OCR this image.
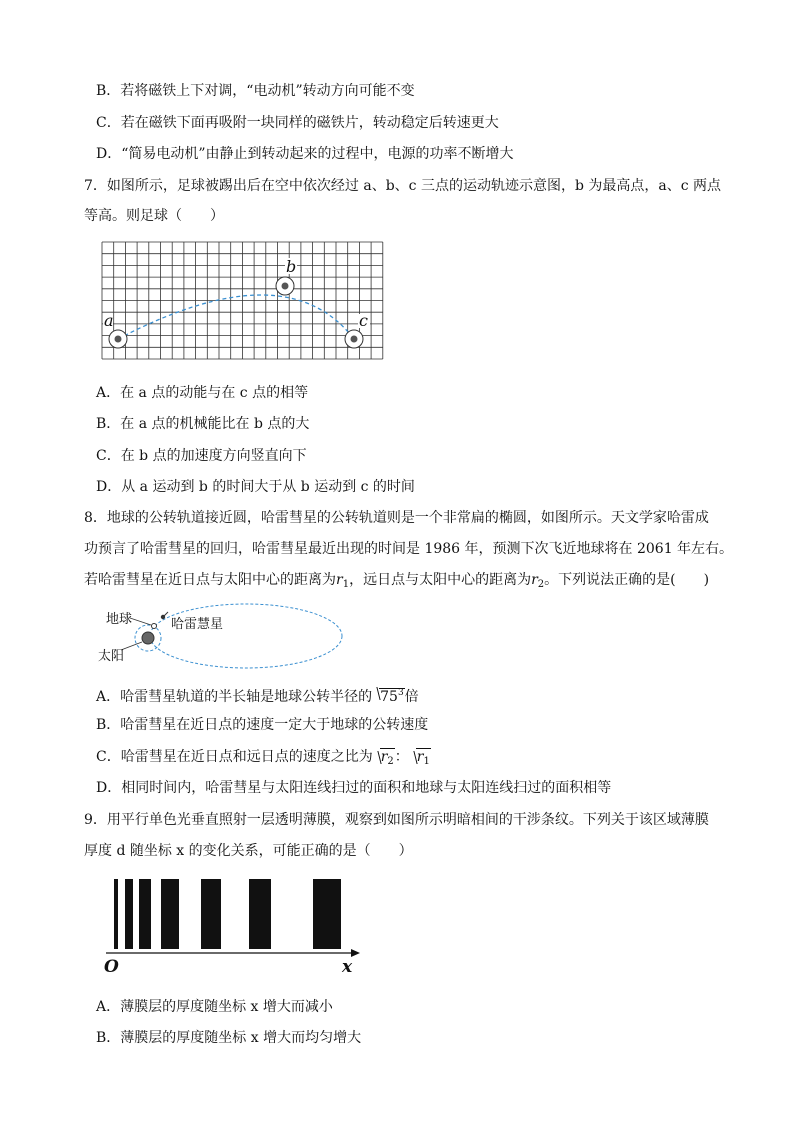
B．若将磁铁上下对调，“电动机”转动方向可能不变
C．若在磁铁下面再吸附一块同样的磁铁片，转动稳定后转速更大
D．“简易电动机”由静止到转动起来的过程中，电源的功率不断增大
7．如图所示，足球被踢出后在空中依次经过 a、b、c 三点的运动轨迹示意图，b 为最高点，a、c 两点
等高。则足球（　　）
a
b
c
A．在 a 点的动能与在 c 点的相等
B．在 a 点的机械能比在 b 点的大
C．在 b 点的加速度方向竖直向下
D．从 a 运动到 b 的时间大于从 b 运动到 c 的时间
8．地球的公转轨道接近圆，哈雷彗星的公转轨道则是一个非常扁的椭圆，如图所示。天文学家哈雷成
功预言了哈雷彗星的回归，哈雷彗星最近出现的时间是 1986 年，预测下次飞近地球将在 2061 年左右。
若哈雷彗星在近日点与太阳中心的距离为$r_1$，远日点与太阳中心的距离为$r_2$。下列说法正确的是(　　)
地球	哈雷慧星
太阳
A．哈雷彗星轨道的半长轴是地球公转半径的 $75^3$倍
B．哈雷彗星在近日点的速度一定大于地球的公转速度
C．哈雷彗星在近日点和远日点的速度之比为 $r_2$： $r_1$
D．相同时间内，哈雷彗星与太阳连线扫过的面积和地球与太阳连线扫过的面积相等
9．用平行单色光垂直照射一层透明薄膜，观察到如图所示明暗相间的干涉条纹。下列关于该区域薄膜
厚度 d 随坐标 x 的变化关系，可能正确的是（　　）
O	x
A．薄膜层的厚度随坐标 x 增大而减小
B．薄膜层的厚度随坐标 x 增大而均匀增大
